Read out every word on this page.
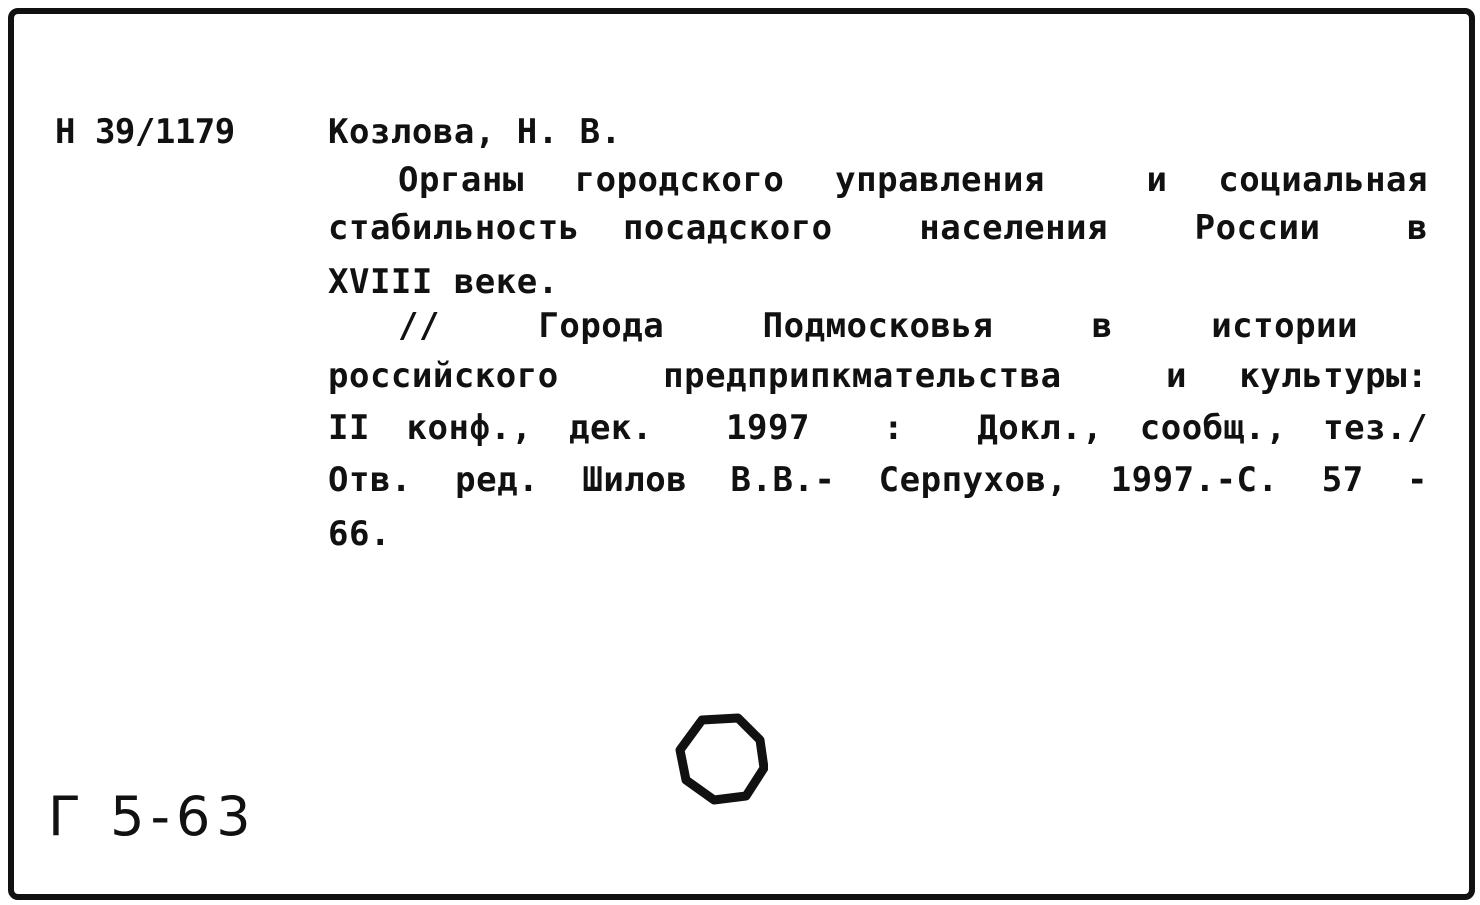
Н 39/1179	Козлова, Н. В.
Органы городского управления  и социальная
стабильность посадского  населения  России  в
XVIII веке.
//  Города  Подмосковья  в  истории
российского  предприпкмательства  и культуры:
II конф., дек.  1997  :  Докл., сообщ., тез./
Отв. ред. Шилов В.В.- Серпухов, 1997.-С. 57 -
66.
Г 5-63
